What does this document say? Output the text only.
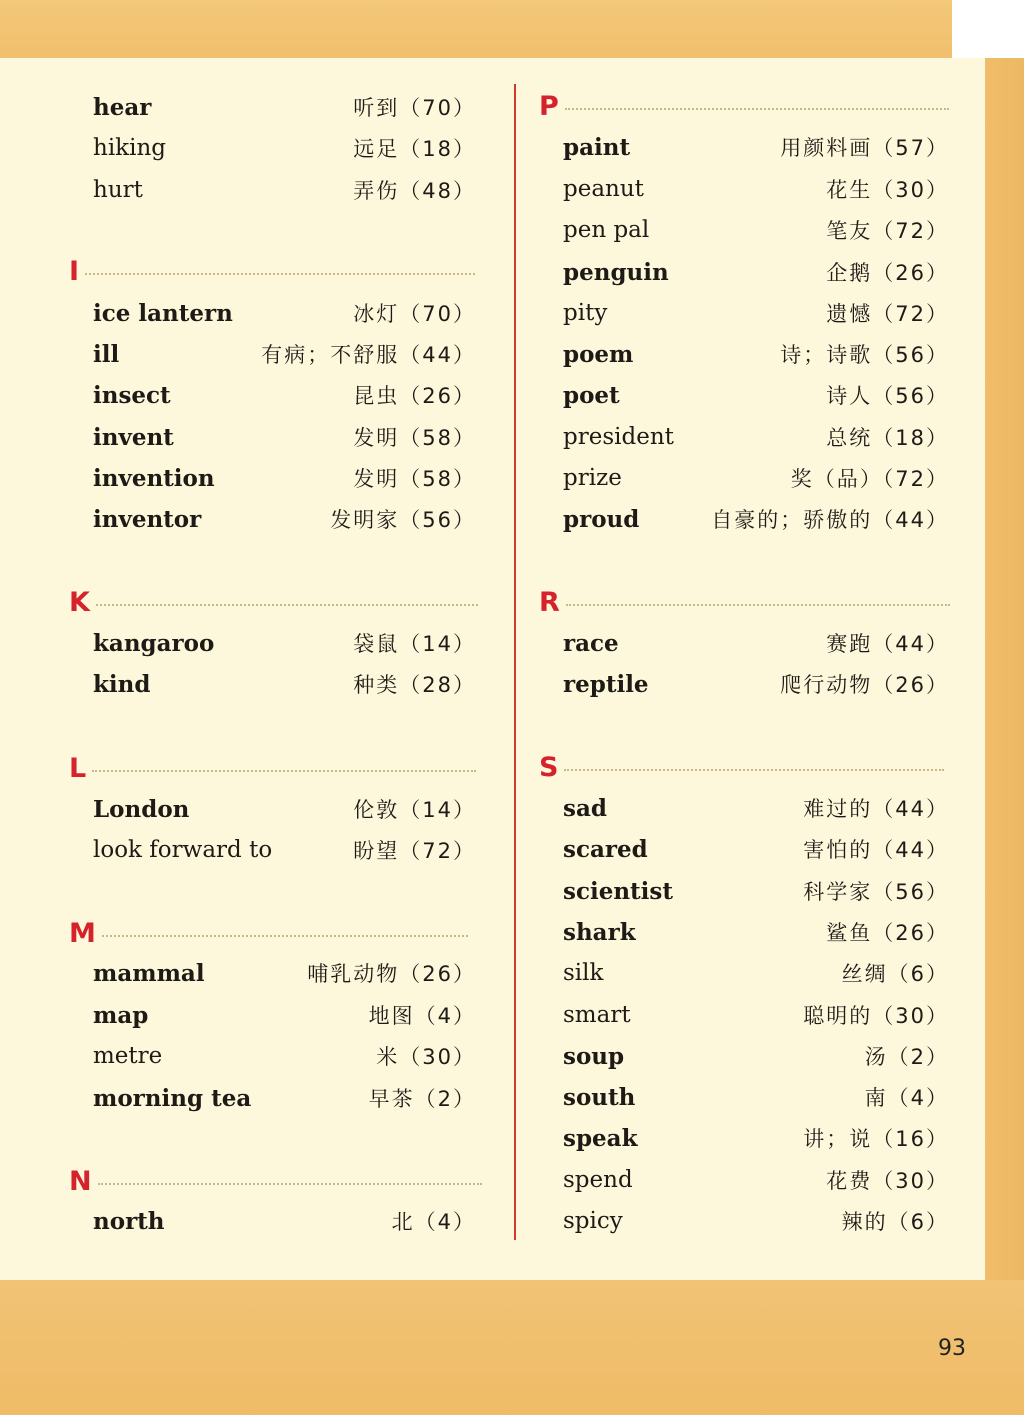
hear	听到（70）
hiking	远足（18）
hurt	弄伤（48）
I
ice lantern	冰灯（70）
ill	有病；不舒服（44）
insect	昆虫（26）
invent	发明（58）
invention	发明（58）
inventor	发明家（56）
K
kangaroo	袋鼠（14）
kind	种类（28）
L
London	伦敦（14）
look forward to	盼望（72）
M
mammal	哺乳动物（26）
map	地图（4）
metre	米（30）
morning tea	早茶（2）
N
north	北（4）
P
paint	用颜料画（57）
peanut	花生（30）
pen pal	笔友（72）
penguin	企鹅（26）
pity	遗憾（72）
poem	诗；诗歌（56）
poet	诗人（56）
president	总统（18）
prize	奖（品）（72）
proud	自豪的；骄傲的（44）
R
race	赛跑（44）
reptile	爬行动物（26）
S
sad	难过的（44）
scared	害怕的（44）
scientist	科学家（56）
shark	鲨鱼（26）
silk	丝绸（6）
smart	聪明的（30）
soup	汤（2）
south	南（4）
speak	讲；说（16）
spend	花费（30）
spicy	辣的（6）
93
